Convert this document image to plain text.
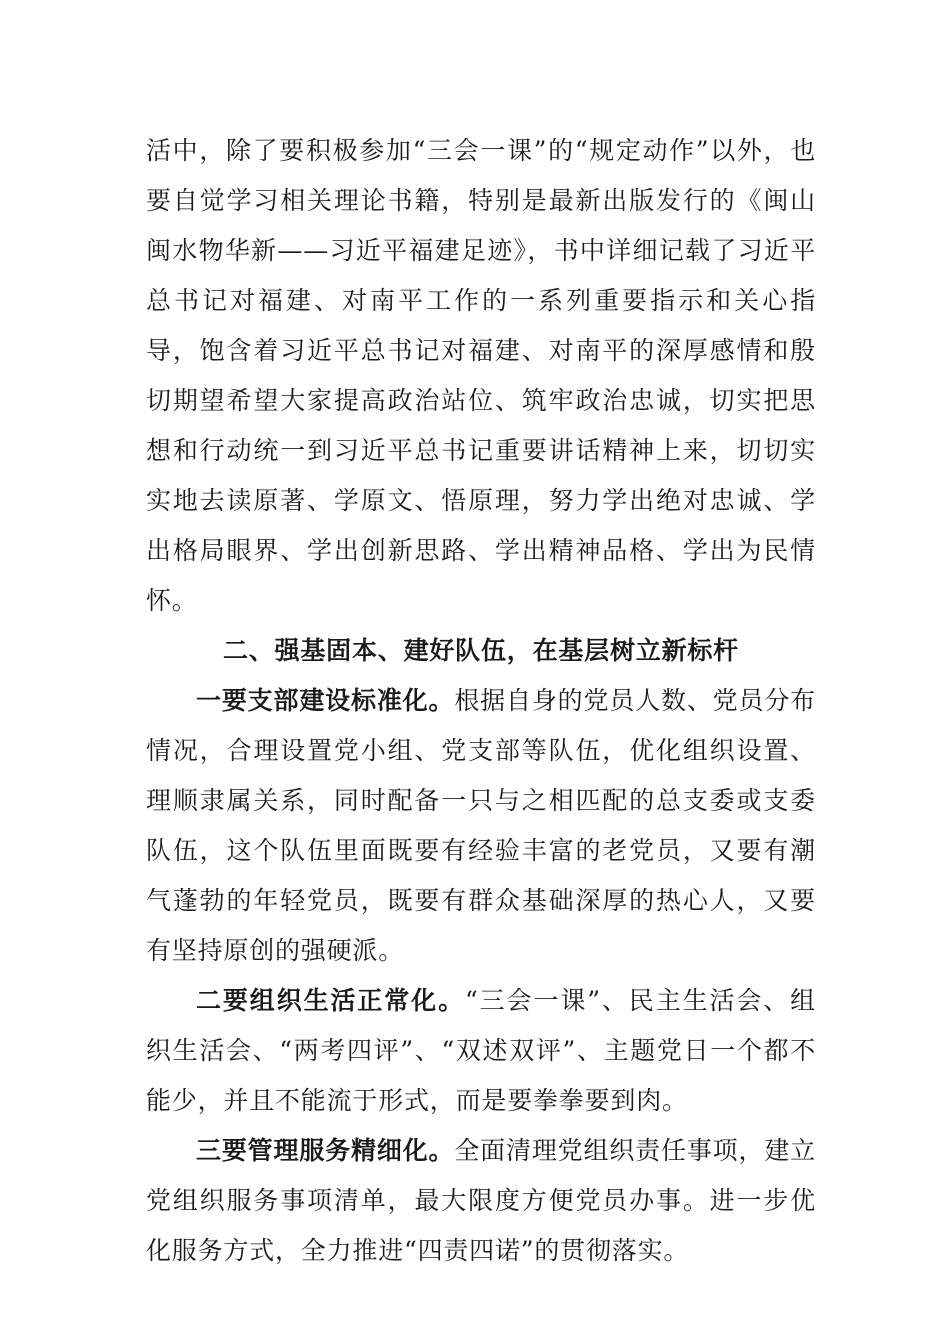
活中，除了要积极参加“三会一课”的“规定动作”以外，也要自觉学习相关理论书籍，特别是最新出版发行的《闽山闽水物华新——习近平福建足迹》，书中详细记载了习近平总书记对福建、对南平工作的一系列重要指示和关心指导，饱含着习近平总书记对福建、对南平的深厚感情和殷切期望希望大家提高政治站位、筑牢政治忠诚，切实把思想和行动统一到习近平总书记重要讲话精神上来，切切实实地去读原著、学原文、悟原理，努力学出绝对忠诚、学出格局眼界、学出创新思路、学出精神品格、学出为民情怀。

二、强基固本、建好队伍，在基层树立新标杆

一要支部建设标准化。根据自身的党员人数、党员分布情况，合理设置党小组、党支部等队伍，优化组织设置、理顺隶属关系，同时配备一只与之相匹配的总支委或支委队伍，这个队伍里面既要有经验丰富的老党员，又要有潮气蓬勃的年轻党员，既要有群众基础深厚的热心人，又要有坚持原创的强硬派。

二要组织生活正常化。“三会一课”、民主生活会、组织生活会、“两考四评”、“双述双评”、主题党日一个都不能少，并且不能流于形式，而是要拳拳要到肉。

三要管理服务精细化。全面清理党组织责任事项，建立党组织服务事项清单，最大限度方便党员办事。进一步优化服务方式，全力推进“四责四诺”的贯彻落实。
